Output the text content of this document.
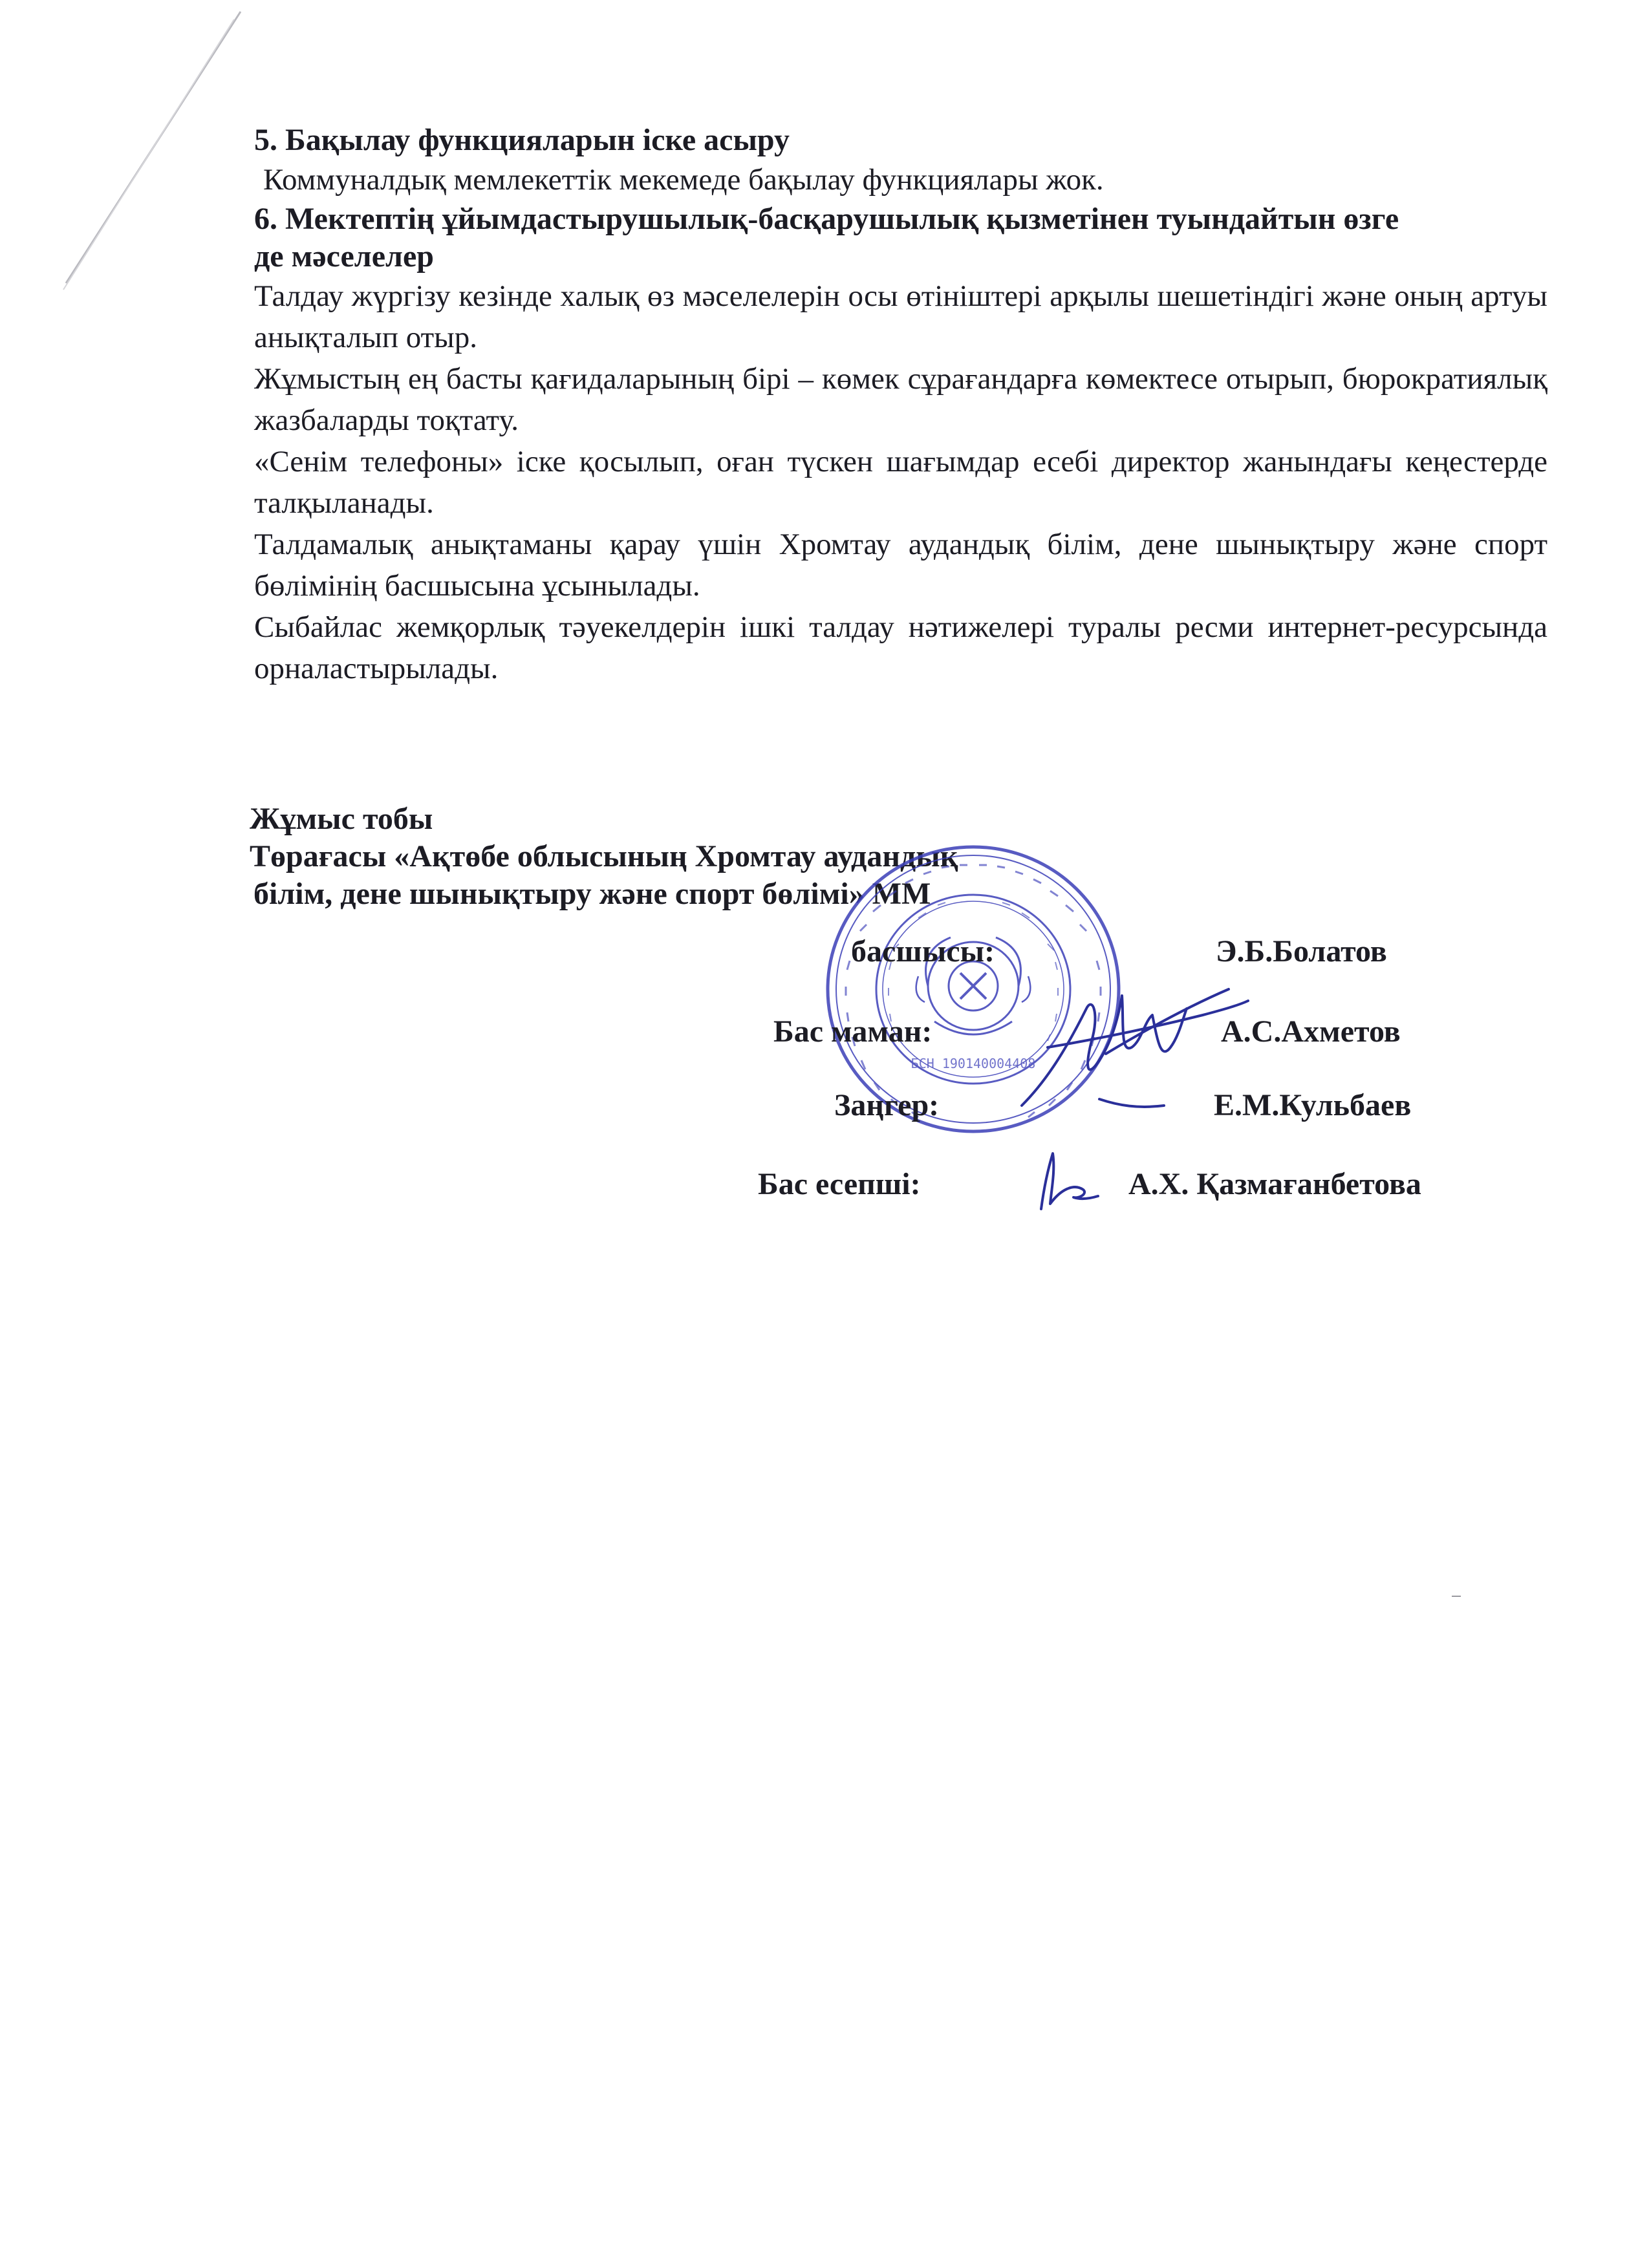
5. Бақылау функцияларын іске асыру

Коммуналдық мемлекеттік мекемеде бақылау функциялары жок.

6. Мектептің ұйымдастырушылық-басқарушылық қызметінен туындайтын өзге

де мәселелер

Талдау жүргізу кезінде халық өз мәселелерін осы өтініштері арқылы шешетіндігі және оның артуы анықталып отыр.

Жұмыстың ең басты қағидаларының бірі – көмек сұрағандарға көмектесе отырып, бюрократиялық жазбаларды тоқтату.

«Сенім телефоны» іске қосылып, оған түскен шағымдар есебі директор жанындағы кеңестерде талқыланады.

Талдамалық анықтаманы қарау үшін Хромтау аудандық білім, дене шынықтыру және спорт бөлімінің басшысына ұсынылады.

Сыбайлас жемқорлық тәуекелдерін ішкі талдау нәтижелері туралы ресми интернет-ресурсында орналастырылады.

Жұмыс тобы

Төрағасы «Ақтөбе облысының Хромтау аудандық

білім, дене шынықтыру және спорт бөлімі» ММ

БСН 190140004408
басшысы:	Э.Б.Болатов
Бас маман:	А.С.Ахметов
Заңгер:	Е.М.Кульбаев
Бас есепші:	А.Х. Қазмағанбетова
